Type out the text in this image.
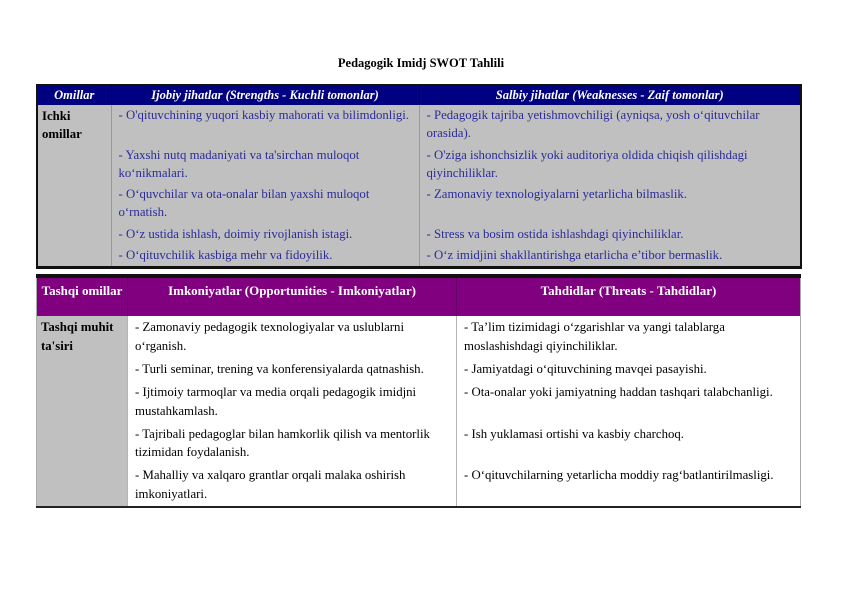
Pedagogik Imidj SWOT Tahlili

Omillar	Ijobiy jihatlar (Strengths - Kuchli tomonlar)	Salbiy jihatlar (Weaknesses - Zaif tomonlar)
Ichki omillar	- O'qituvchining yuqori kasbiy mahorati va bilimdonligi.	- Pedagogik tajriba yetishmovchiligi (ayniqsa, yosh o‘qituvchilar orasida).
	- Yaxshi nutq madaniyati va ta'sirchan muloqot ko‘nikmalari.	- O'ziga ishonchsizlik yoki auditoriya oldida chiqish qilishdagi qiyinchiliklar.
	- O‘quvchilar va ota-onalar bilan yaxshi muloqot o‘rnatish.	- Zamonaviy texnologiyalarni yetarlicha bilmaslik.
	- O‘z ustida ishlash, doimiy rivojlanish istagi.	- Stress va bosim ostida ishlashdagi qiyinchiliklar.
	- O‘qituvchilik kasbiga mehr va fidoyilik.	- O‘z imidjini shakllantirishga etarlicha e’tibor bermaslik.
Tashqi omillar	Imkoniyatlar (Opportunities - Imkoniyatlar)	Tahdidlar (Threats - Tahdidlar)
Tashqi muhit ta'siri	- Zamonaviy pedagogik texnologiyalar va uslublarni o‘rganish.	- Ta’lim tizimidagi o‘zgarishlar va yangi talablarga moslashishdagi qiyinchiliklar.
	- Turli seminar, trening va konferensiyalarda qatnashish.	- Jamiyatdagi o‘qituvchining mavqei pasayishi.
	- Ijtimoiy tarmoqlar va media orqali pedagogik imidjni mustahkamlash.	- Ota-onalar yoki jamiyatning haddan tashqari talabchanligi.
	- Tajribali pedagoglar bilan hamkorlik qilish va mentorlik tizimidan foydalanish.	- Ish yuklamasi ortishi va kasbiy charchoq.
	- Mahalliy va xalqaro grantlar orqali malaka oshirish imkoniyatlari.	- O‘qituvchilarning yetarlicha moddiy rag‘batlantirilmasligi.
